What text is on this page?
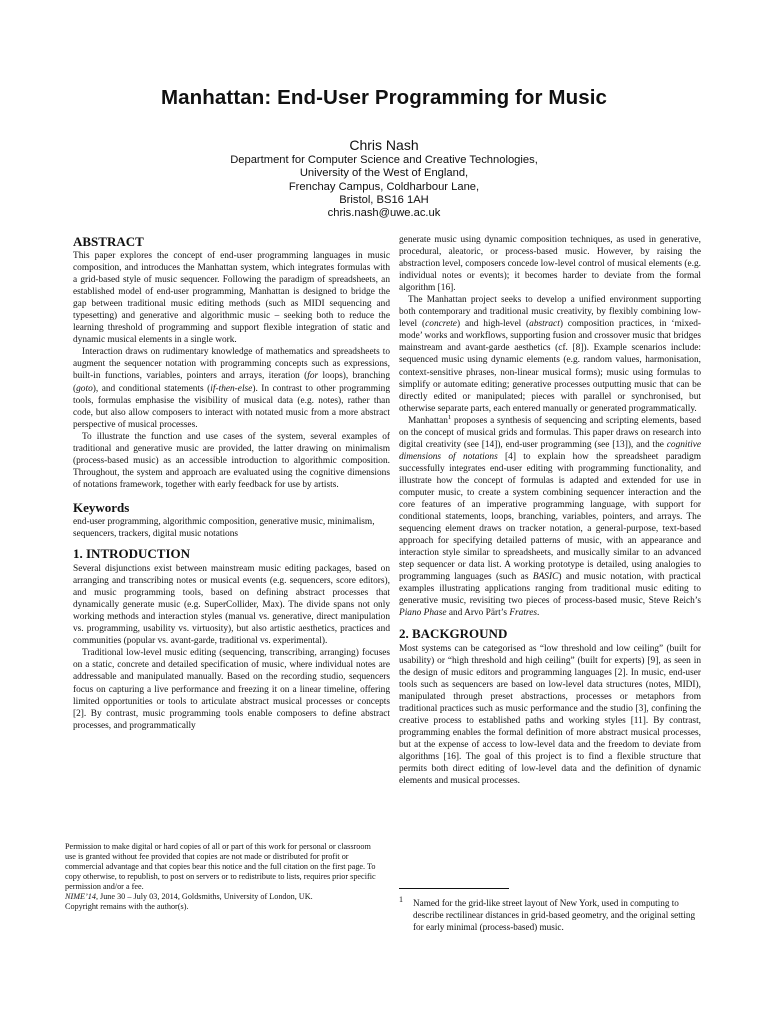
Manhattan: End-User Programming for Music
Chris Nash
Department for Computer Science and Creative Technologies,
University of the West of England,
Frenchay Campus, Coldharbour Lane,
Bristol, BS16 1AH
chris.nash@uwe.ac.uk
ABSTRACT

This paper explores the concept of end-user programming languages in music composition, and introduces the Manhattan system, which integrates formulas with a grid-based style of music sequencer. Following the paradigm of spreadsheets, an established model of end-user programming, Manhattan is designed to bridge the gap between traditional music editing methods (such as MIDI sequencing and typesetting) and generative and algorithmic music – seeking both to reduce the learning threshold of programming and support flexible integration of static and dynamic musical elements in a single work.

Interaction draws on rudimentary knowledge of mathematics and spreadsheets to augment the sequencer notation with programming concepts such as expressions, built-in functions, variables, pointers and arrays, iteration (for loops), branching (goto), and conditional statements (if-then-else). In contrast to other programming tools, formulas emphasise the visibility of musical data (e.g. notes), rather than code, but also allow composers to interact with notated music from a more abstract perspective of musical processes.

To illustrate the function and use cases of the system, several examples of traditional and generative music are provided, the latter drawing on minimalism (process-based music) as an accessible introduction to algorithmic composition. Throughout, the system and approach are evaluated using the cognitive dimensions of notations framework, together with early feedback for use by artists.

Keywords

end-user programming, algorithmic composition, generative music, minimalism, sequencers, trackers, digital music notations

1. INTRODUCTION

Several disjunctions exist between mainstream music editing packages, based on arranging and transcribing notes or musical events (e.g. sequencers, score editors), and music programming tools, based on defining abstract processes that dynamically generate music (e.g. SuperCollider, Max). The divide spans not only working methods and interaction styles (manual vs. generative, direct manipulation vs. programming, usability vs. virtuosity), but also artistic aesthetics, practices and communities (popular vs. avant-garde, traditional vs. experimental).

Traditional low-level music editing (sequencing, transcribing, arranging) focuses on a static, concrete and detailed specification of music, where individual notes are addressable and manipulated manually. Based on the recording studio, sequencers focus on capturing a live performance and freezing it on a linear timeline, offering limited opportunities or tools to articulate abstract musical processes or concepts [2]. By contrast, music programming tools enable composers to define abstract processes, and programmatically

generate music using dynamic composition techniques, as used in generative, procedural, aleatoric, or process-based music. However, by raising the abstraction level, composers concede low-level control of musical elements (e.g. individual notes or events); it becomes harder to deviate from the formal algorithm [16].

The Manhattan project seeks to develop a unified environment supporting both contemporary and traditional music creativity, by flexibly combining low-level (concrete) and high-level (abstract) composition practices, in ‘mixed-mode’ works and workflows, supporting fusion and crossover music that bridges mainstream and avant-garde aesthetics (cf. [8]). Example scenarios include: sequenced music using dynamic elements (e.g. random values, harmonisation, context-sensitive phrases, non-linear musical forms); music using formulas to simplify or automate editing; generative processes outputting music that can be directly edited or manipulated; pieces with parallel or synchronised, but otherwise separate parts, each entered manually or generated programmatically.

Manhattan$^1$ proposes a synthesis of sequencing and scripting elements, based on the concept of musical grids and formulas. This paper draws on research into digital creativity (see [14]), end-user programming (see [13]), and the cognitive dimensions of notations [4] to explain how the spreadsheet paradigm successfully integrates end-user editing with programming functionality, and illustrate how the concept of formulas is adapted and extended for use in computer music, to create a system combining sequencer interaction and the core features of an imperative programming language, with support for conditional statements, loops, branching, variables, pointers, and arrays. The sequencing element draws on tracker notation, a general-purpose, text-based approach for specifying detailed patterns of music, with an appearance and interaction style similar to spreadsheets, and musically similar to an advanced step sequencer or data list. A working prototype is detailed, using analogies to programming languages (such as BASIC) and music notation, with practical examples illustrating applications ranging from traditional music editing to generative music, revisiting two pieces of process-based music, Steve Reich’s Piano Phase and Arvo Pärt’s Fratres.

2. BACKGROUND

Most systems can be categorised as “low threshold and low ceiling” (built for usability) or “high threshold and high ceiling” (built for experts) [9], as seen in the design of music editors and programming languages [2]. In music, end-user tools such as sequencers are based on low-level data structures (notes, MIDI), manipulated through preset abstractions, processes or metaphors from traditional practices such as music performance and the studio [3], confining the creative process to established paths and working styles [11]. By contrast, programming enables the formal definition of more abstract musical processes, but at the expense of access to low-level data and the freedom to deviate from algorithms [16]. The goal of this project is to find a flexible structure that permits both direct editing of low-level data and the definition of dynamic elements and musical processes.

Permission to make digital or hard copies of all or part of this work for personal or classroom use is granted without fee provided that copies are not made or distributed for profit or commercial advantage and that copies bear this notice and the full citation on the first page. To copy otherwise, to republish, to post on servers or to redistribute to lists, requires prior specific permission and/or a fee.
NIME’14, June 30 – July 03, 2014, Goldsmiths, University of London, UK.
Copyright remains with the author(s).
1 Named for the grid-like street layout of New York, used in computing to describe rectilinear distances in grid-based geometry, and the original setting for early minimal (process-based) music.
